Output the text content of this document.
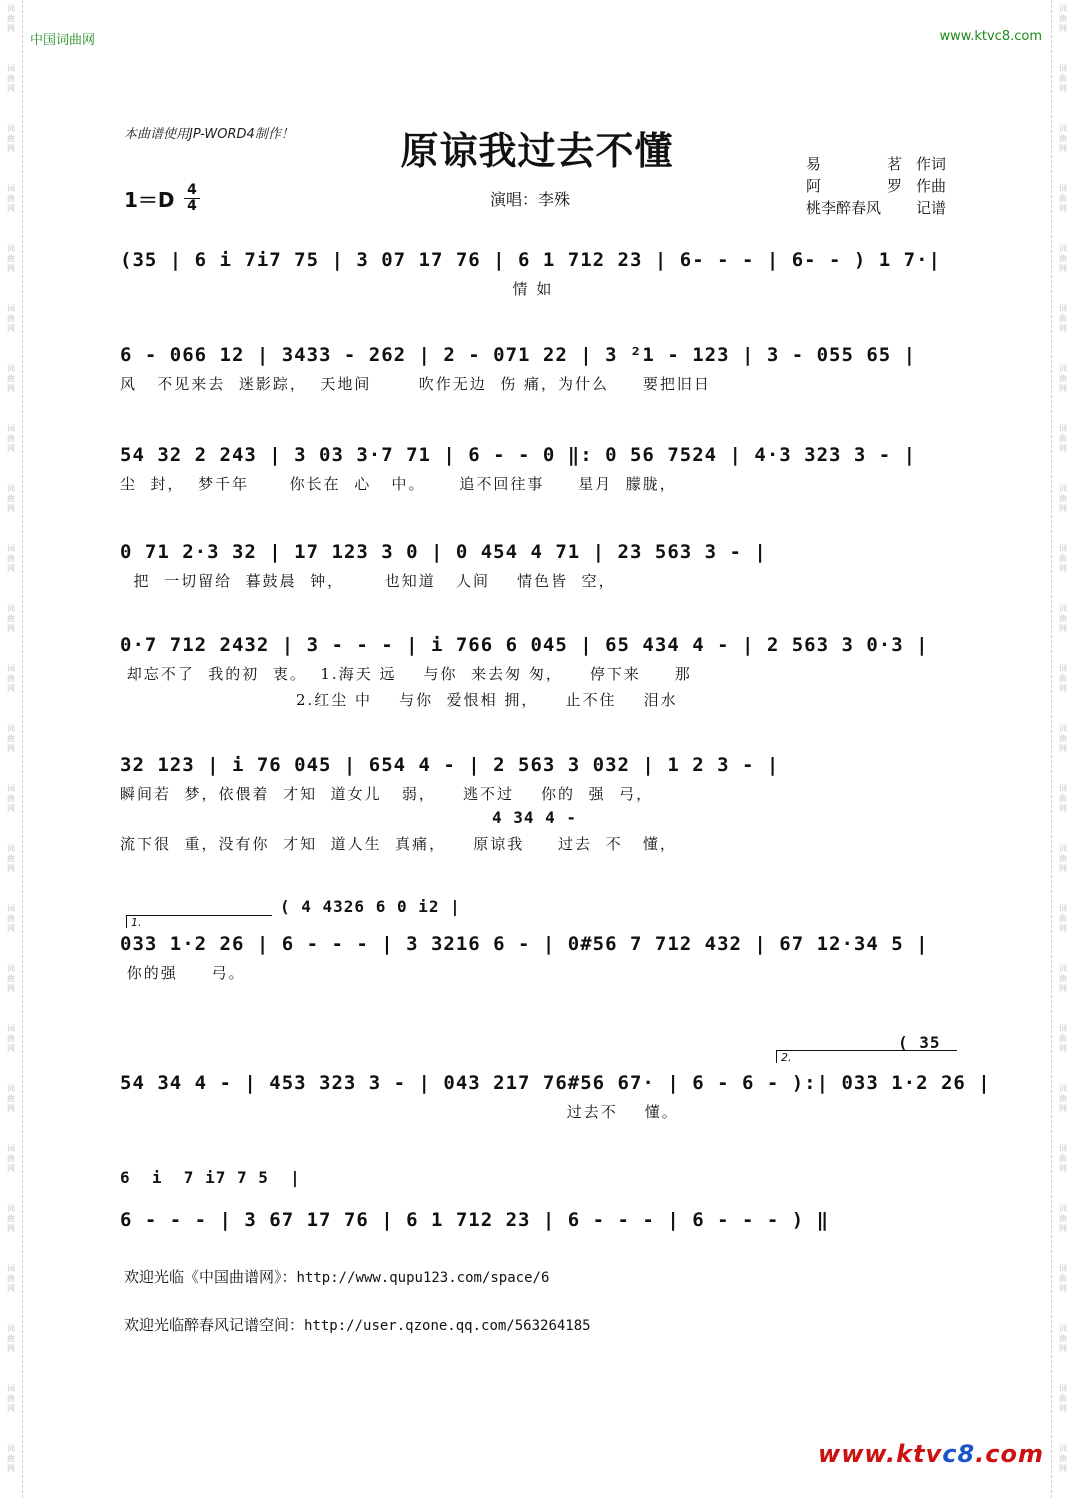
词
曲
网
词
曲
网
词
曲
网
词
曲
网
词
曲
网
词
曲
网
词
曲
网
词
曲
网
词
曲
网
词
曲
网
词
曲
网
词
曲
网
词
曲
网
词
曲
网
词
曲
网
词
曲
网
词
曲
网
词
曲
网
词
曲
网
词
曲
网
词
曲
网
词
曲
网
词
曲
网
词
曲
网
词
曲
网
词
曲
网
词
曲
网
词
曲
网
词
曲
网
词
曲
网
词
曲
网
词
曲
网
词
曲
网
词
曲
网
词
曲
网
词
曲
网
词
曲
网
词
曲
网
词
曲
网
词
曲
网
词
曲
网
词
曲
网
词
曲
网
词
曲
网
词
曲
网
词
曲
网
词
曲
网
词
曲
网
词
曲
网
词
曲
网
中国词曲网	www.ktvc8.com
本曲谱使用JP-WORD4制作！	原谅我过去不懂
1＝D 4
4	演唱：李殊
易	茗 作词
阿	罗 作曲
桃李醉春风 记谱
(35 | 6 i 7i7 75 | 3 07 17 76 | 6 1 712 23 | 6- - - | 6- - ) 1 7·|
情 如
6 - 066 12 | 3433 - 262 | 2 - 071 22 | 3 ²1 - 123 | 3 - 055 65 |
风   不见来去  迷影踪，  天地间       吹作无边  伤 痛，为什么     要把旧日
54 32 2 243 | 3 03 3·7 71 | 6 - - 0 ‖: 0 56 7524 | 4·3 323 3 - |
尘  封，  梦千年      你长在  心   中。     追不回往事     星月  朦胧，
0 71 2·3 32 | 17 123 3 0 | 0 454 4 71 | 23 563 3 - |
把  一切留给  暮鼓晨  钟，      也知道   人间    情色皆  空，
0·7 712 2432 | 3 - - - | i 766 6 045 | 65 434 4 - | 2 563 3 0·3 |
却忘不了  我的初  衷。  1.海天 远    与你  来去匆 匆，    停下来     那
2.红尘 中    与你  爱恨相 拥，    止不住    泪水
32 123 | i 76 045 | 654 4 - | 2 563 3 032 | 1 2 3 - |
瞬间若  梦，依偎着  才知  道女儿   弱，    逃不过    你的  强  弓，
4 34 4 -
流下很  重，没有你  才知  道人生  真痛，    原谅我     过去  不   懂，
( 4 4326 6 0 i2 |
1.
033 1·2 26 | 6 - - - | 3 3216 6 - | 0#56 7 712 432 | 67 12·34 5 |
你的强     弓。
( 35
2.
54 34 4 - | 453 323 3 - | 043 217 76#56 67· | 6 - 6 - ):| 033 1·2 26 |
过去不    懂。
6  i  7 i7 7 5  |
6 - - - | 3 67 17 76 | 6 1 712 23 | 6 - - - | 6 - - - ) ‖
欢迎光临《中国曲谱网》：http://www.qupu123.com/space/6
欢迎光临醉春风记谱空间：http://user.qzone.qq.com/563264185
www.ktvc8.com
